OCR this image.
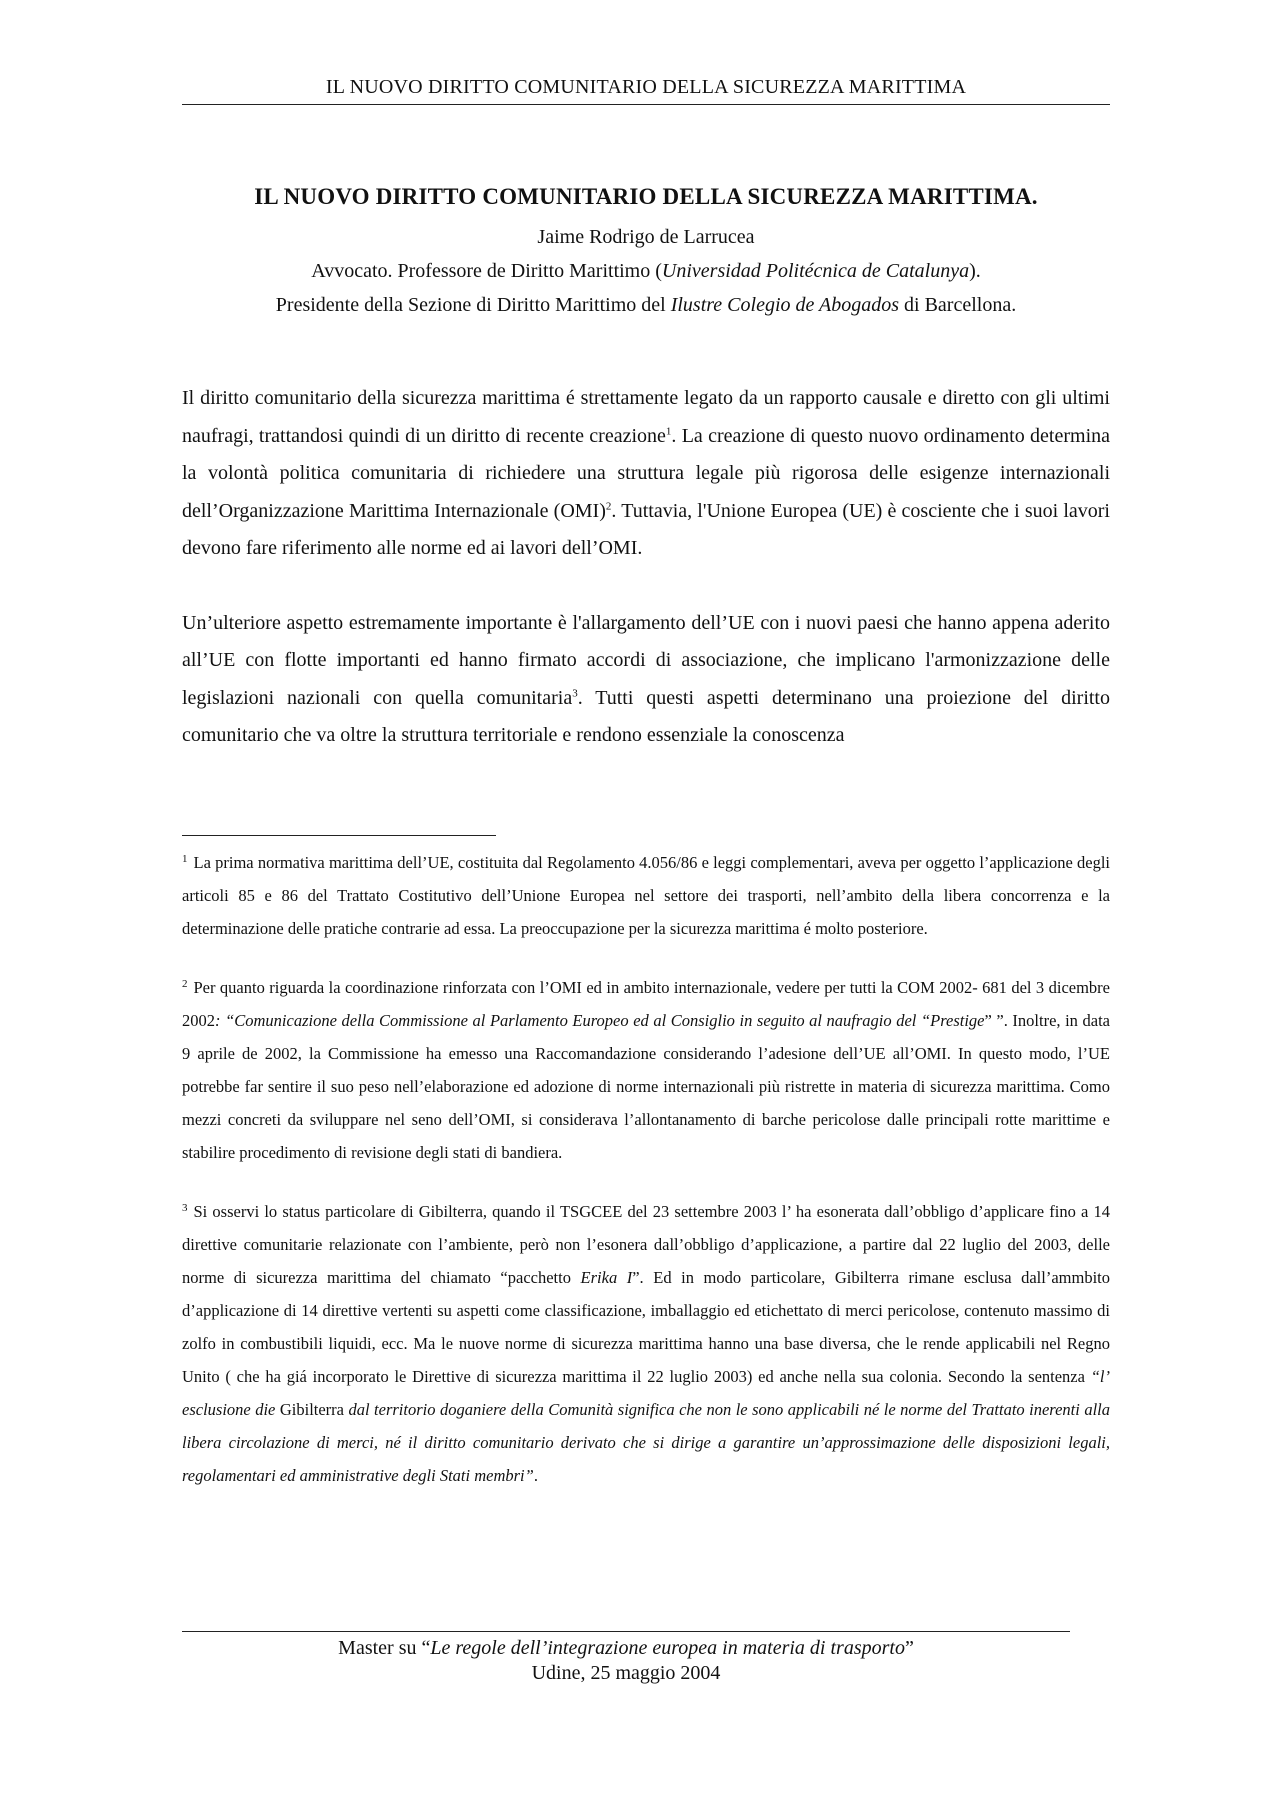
IL NUOVO DIRITTO COMUNITARIO DELLA SICUREZZA MARITTIMA
IL NUOVO DIRITTO COMUNITARIO DELLA SICUREZZA MARITTIMA.
Jaime Rodrigo de Larrucea
Avvocato. Professore de Diritto Marittimo (Universidad Politécnica de Catalunya).
Presidente della Sezione di Diritto Marittimo del Ilustre Colegio de Abogados di Barcellona.

Il diritto comunitario della sicurezza marittima é strettamente legato da un rapporto causale e diretto con gli ultimi naufragi, trattandosi quindi di un diritto di recente creazione$^1$. La creazione di questo nuovo ordinamento determina la volontà politica comunitaria di richiedere una struttura legale più rigorosa delle esigenze internazionali dell’Organizzazione Marittima Internazionale (OMI)$^2$. Tuttavia, l'Unione Europea (UE) è cosciente che i suoi lavori devono fare riferimento alle norme ed ai lavori dell’OMI.

Un’ulteriore aspetto estremamente importante è l'allargamento dell’UE con i nuovi paesi che hanno appena aderito all’UE con flotte importanti ed hanno firmato accordi di associazione, che implicano l'armonizzazione delle legislazioni nazionali con quella comunitaria$^3$. Tutti questi aspetti determinano una proiezione del diritto comunitario che va oltre la struttura territoriale e rendono essenziale la conoscenza

$^1$ La prima normativa marittima dell’UE, costituita dal Regolamento 4.056/86 e leggi complementari, aveva per oggetto l’applicazione degli articoli 85 e 86 del Trattato Costitutivo dell’Unione Europea nel settore dei trasporti, nell’ambito della libera concorrenza e la determinazione delle pratiche contrarie ad essa. La preoccupazione per la sicurezza marittima é molto posteriore.
$^2$ Per quanto riguarda la coordinazione rinforzata con l’OMI ed in ambito internazionale, vedere per tutti la COM 2002- 681 del 3 dicembre 2002: “Comunicazione della Commissione al Parlamento Europeo ed al Consiglio in seguito al naufragio del “Prestige” ”. Inoltre, in data 9 aprile de 2002, la Commissione ha emesso una Raccomandazione considerando l’adesione dell’UE all’OMI. In questo modo, l’UE potrebbe far sentire il suo peso nell’elaborazione ed adozione di norme internazionali più ristrette in materia di sicurezza marittima. Como mezzi concreti da sviluppare nel seno dell’OMI, si considerava l’allontanamento di barche pericolose dalle principali rotte marittime e stabilire procedimento di revisione degli stati di bandiera.
$^3$ Si osservi lo status particolare di Gibilterra, quando il TSGCEE del 23 settembre 2003 l’ ha esonerata dall’obbligo d’applicare fino a 14 direttive comunitarie relazionate con l’ambiente, però non l’esonera dall’obbligo d’applicazione, a partire dal 22 luglio del 2003, delle norme di sicurezza marittima del chiamato “pacchetto Erika I”. Ed in modo particolare, Gibilterra rimane esclusa dall’ammbito d’applicazione di 14 direttive vertenti su aspetti come classificazione, imballaggio ed etichettato di merci pericolose, contenuto massimo di zolfo in combustibili liquidi, ecc. Ma le nuove norme di sicurezza marittima hanno una base diversa, che le rende applicabili nel Regno Unito ( che ha giá incorporato le Direttive di sicurezza marittima il 22 luglio 2003) ed anche nella sua colonia. Secondo la sentenza “l’ esclusione die Gibilterra dal territorio doganiere della Comunità significa che non le sono applicabili né le norme del Trattato inerenti alla libera circolazione di merci, né il diritto comunitario derivato che si dirige a garantire un’approssimazione delle disposizioni legali, regolamentari ed amministrative degli Stati membri”.
Master su “Le regole dell’integrazione europea in materia di trasporto”
Udine, 25 maggio 2004
